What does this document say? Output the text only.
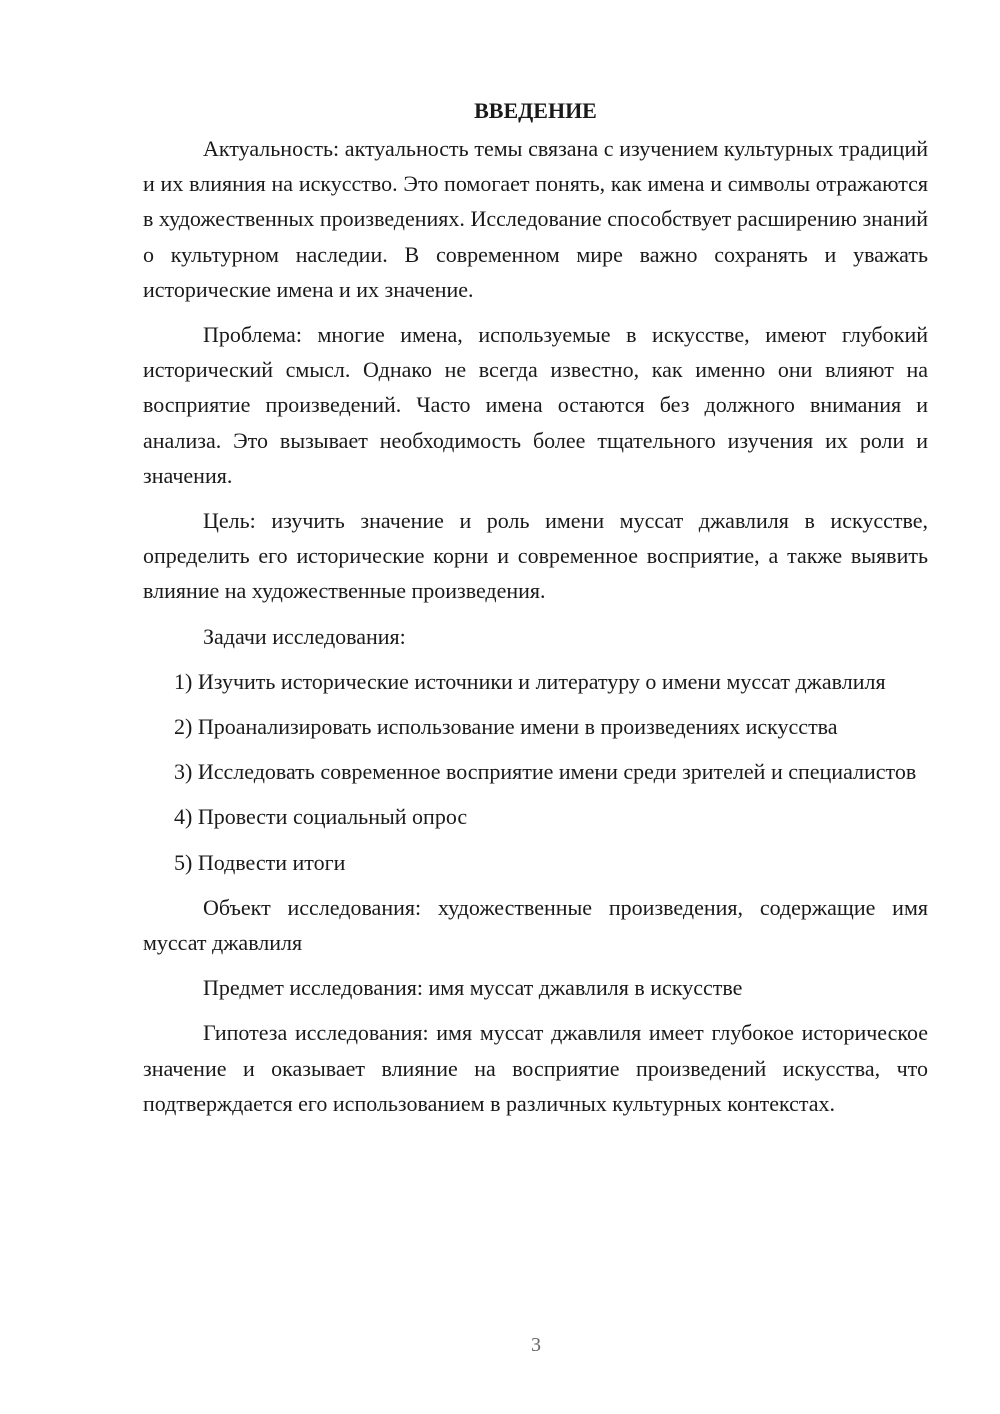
ВВЕДЕНИЕ

Актуальность: актуальность темы связана с изучением культурных традиций и их влияния на искусство. Это помогает понять, как имена и символы отражаются в художественных произведениях. Исследование способствует расширению знаний о культурном наследии. В современном мире важно сохранять и уважать исторические имена и их значение.

Проблема: многие имена, используемые в искусстве, имеют глубокий исторический смысл. Однако не всегда известно, как именно они влияют на восприятие произведений. Часто имена остаются без должного внимания и анализа. Это вызывает необходимость более тщательного изучения их роли и значения.

Цель: изучить значение и роль имени муссат джавлиля в искусстве, определить его исторические корни и современное восприятие, а также выявить влияние на художественные произведения.

Задачи исследования:

1) Изучить исторические источники и литературу о имени муссат джавлиля

2) Проанализировать использование имени в произведениях искусства

3) Исследовать современное восприятие имени среди зрителей и специалистов

4) Провести социальный опрос

5) Подвести итоги

Объект исследования: художественные произведения, содержащие имя муссат джавлиля

Предмет исследования: имя муссат джавлиля в искусстве

Гипотеза исследования: имя муссат джавлиля имеет глубокое историческое значение и оказывает влияние на восприятие произведений искусства, что подтверждается его использованием в различных культурных контекстах.

3
